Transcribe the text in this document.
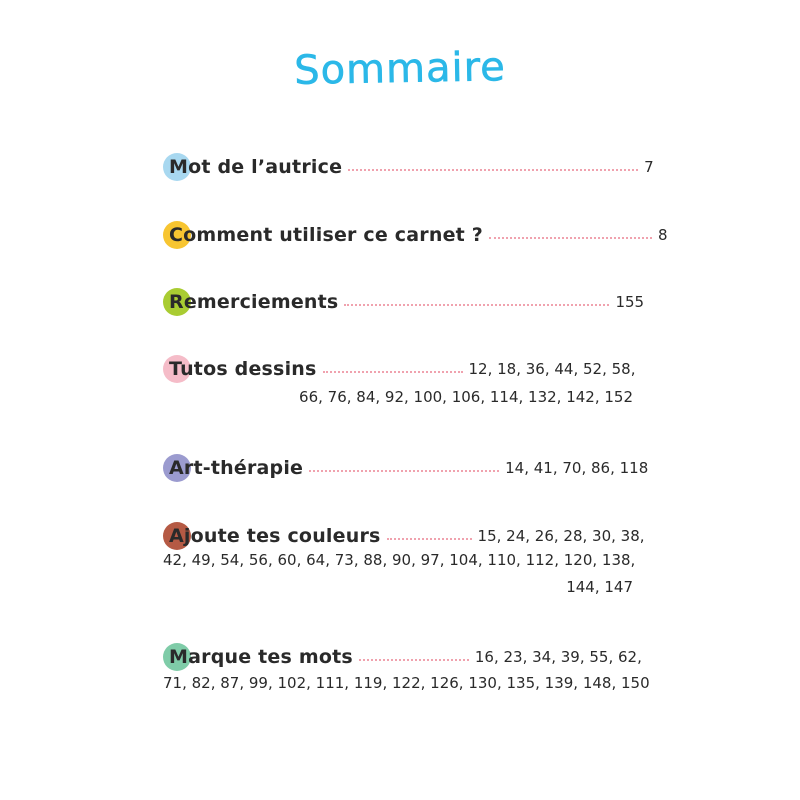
Sommaire
Mot de l’autrice	7
Comment utiliser ce carnet ?	8
Remerciements	155
Tutos dessins	12, 18, 36, 44, 52, 58,
66, 76, 84, 92, 100, 106, 114, 132, 142, 152
Art-thérapie	14, 41, 70, 86, 118
Ajoute tes couleurs	15, 24, 26, 28, 30, 38,
42, 49, 54, 56, 60, 64, 73, 88, 90, 97, 104, 110, 112, 120, 138,
144, 147
Marque tes mots	16, 23, 34, 39, 55, 62,
71, 82, 87, 99, 102, 111, 119, 122, 126, 130, 135, 139, 148, 150
